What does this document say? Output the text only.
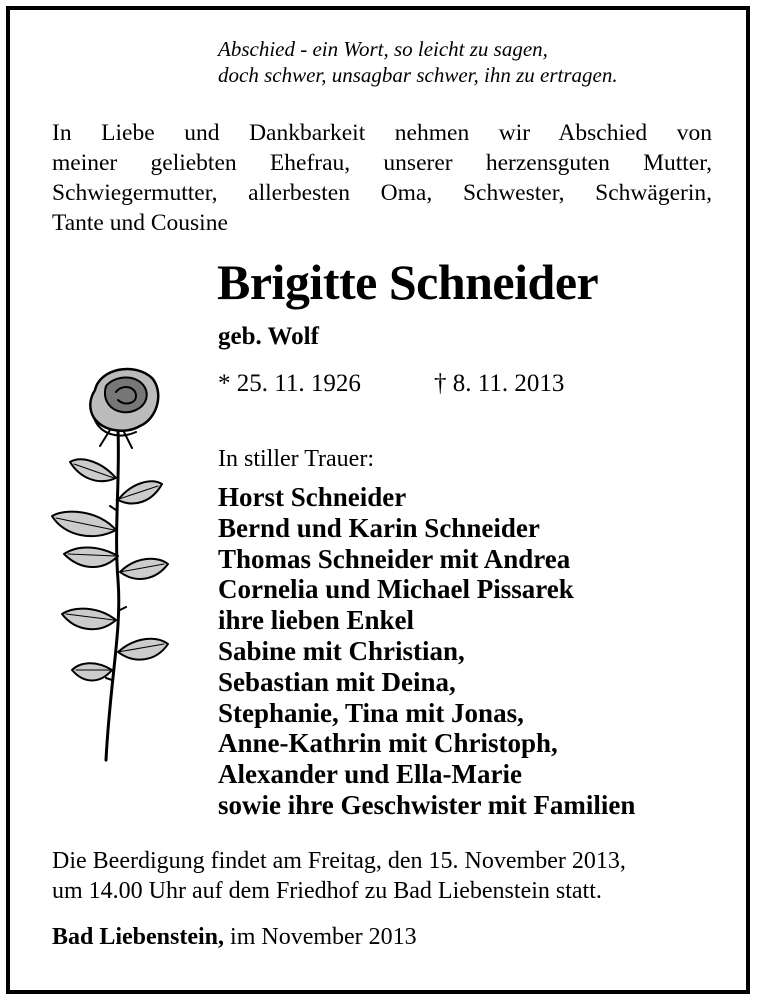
Abschied - ein Wort, so leicht zu sagen,
doch schwer, unsagbar schwer, ihn zu ertragen.
In Liebe und Dankbarkeit nehmen wir Abschied von
meiner geliebten Ehefrau, unserer herzensguten Mutter,
Schwiegermutter, allerbesten Oma, Schwester, Schwägerin,
Tante und Cousine
Brigitte Schneider
geb. Wolf
* 25. 11. 1926	† 8. 11. 2013
In stiller Trauer:
Horst Schneider
Bernd und Karin Schneider
Thomas Schneider mit Andrea
Cornelia und Michael Pissarek
ihre lieben Enkel
Sabine mit Christian,
Sebastian mit Deina,
Stephanie, Tina mit Jonas,
Anne-Kathrin mit Christoph,
Alexander und Ella-Marie
sowie ihre Geschwister mit Familien
Die Beerdigung findet am Freitag, den 15. November 2013,
um 14.00 Uhr auf dem Friedhof zu Bad Liebenstein statt.
Bad Liebenstein, im November 2013
